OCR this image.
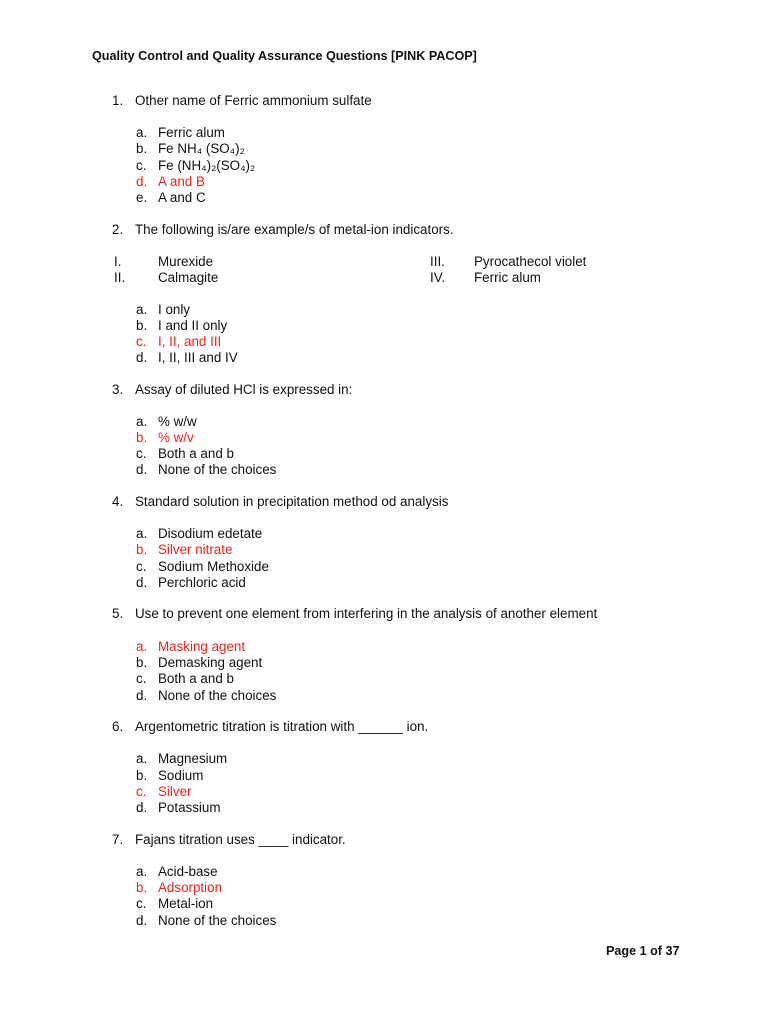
Quality Control and Quality Assurance Questions [PINK PACOP]
1. Other name of Ferric ammonium sulfate
a. Ferric alum
b. Fe NH₄ (SO₄)₂
c. Fe (NH₄)₂(SO₄)₂
d. A and B
e. A and C
2. The following is/are example/s of metal-ion indicators.
I.	Murexide
II. Calmagite
III. Pyrocathecol violet
IV. Ferric alum
a. I only
b. I and II only
c. I, II, and III
d. I, II, III and IV
3. Assay of diluted HCl is expressed in:
a. % w/w
b. % w/v
c. Both a and b
d. None of the choices
4. Standard solution in precipitation method od analysis
a. Disodium edetate
b. Silver nitrate
c. Sodium Methoxide
d. Perchloric acid
5. Use to prevent one element from interfering in the analysis of another element
a. Masking agent
b. Demasking agent
c. Both a and b
d. None of the choices
6. Argentometric titration is titration with ______ ion.
a. Magnesium
b. Sodium
c. Silver
d. Potassium
7. Fajans titration uses ____ indicator.
a. Acid-base
b. Adsorption
c. Metal-ion
d. None of the choices
Page 1 of 37
